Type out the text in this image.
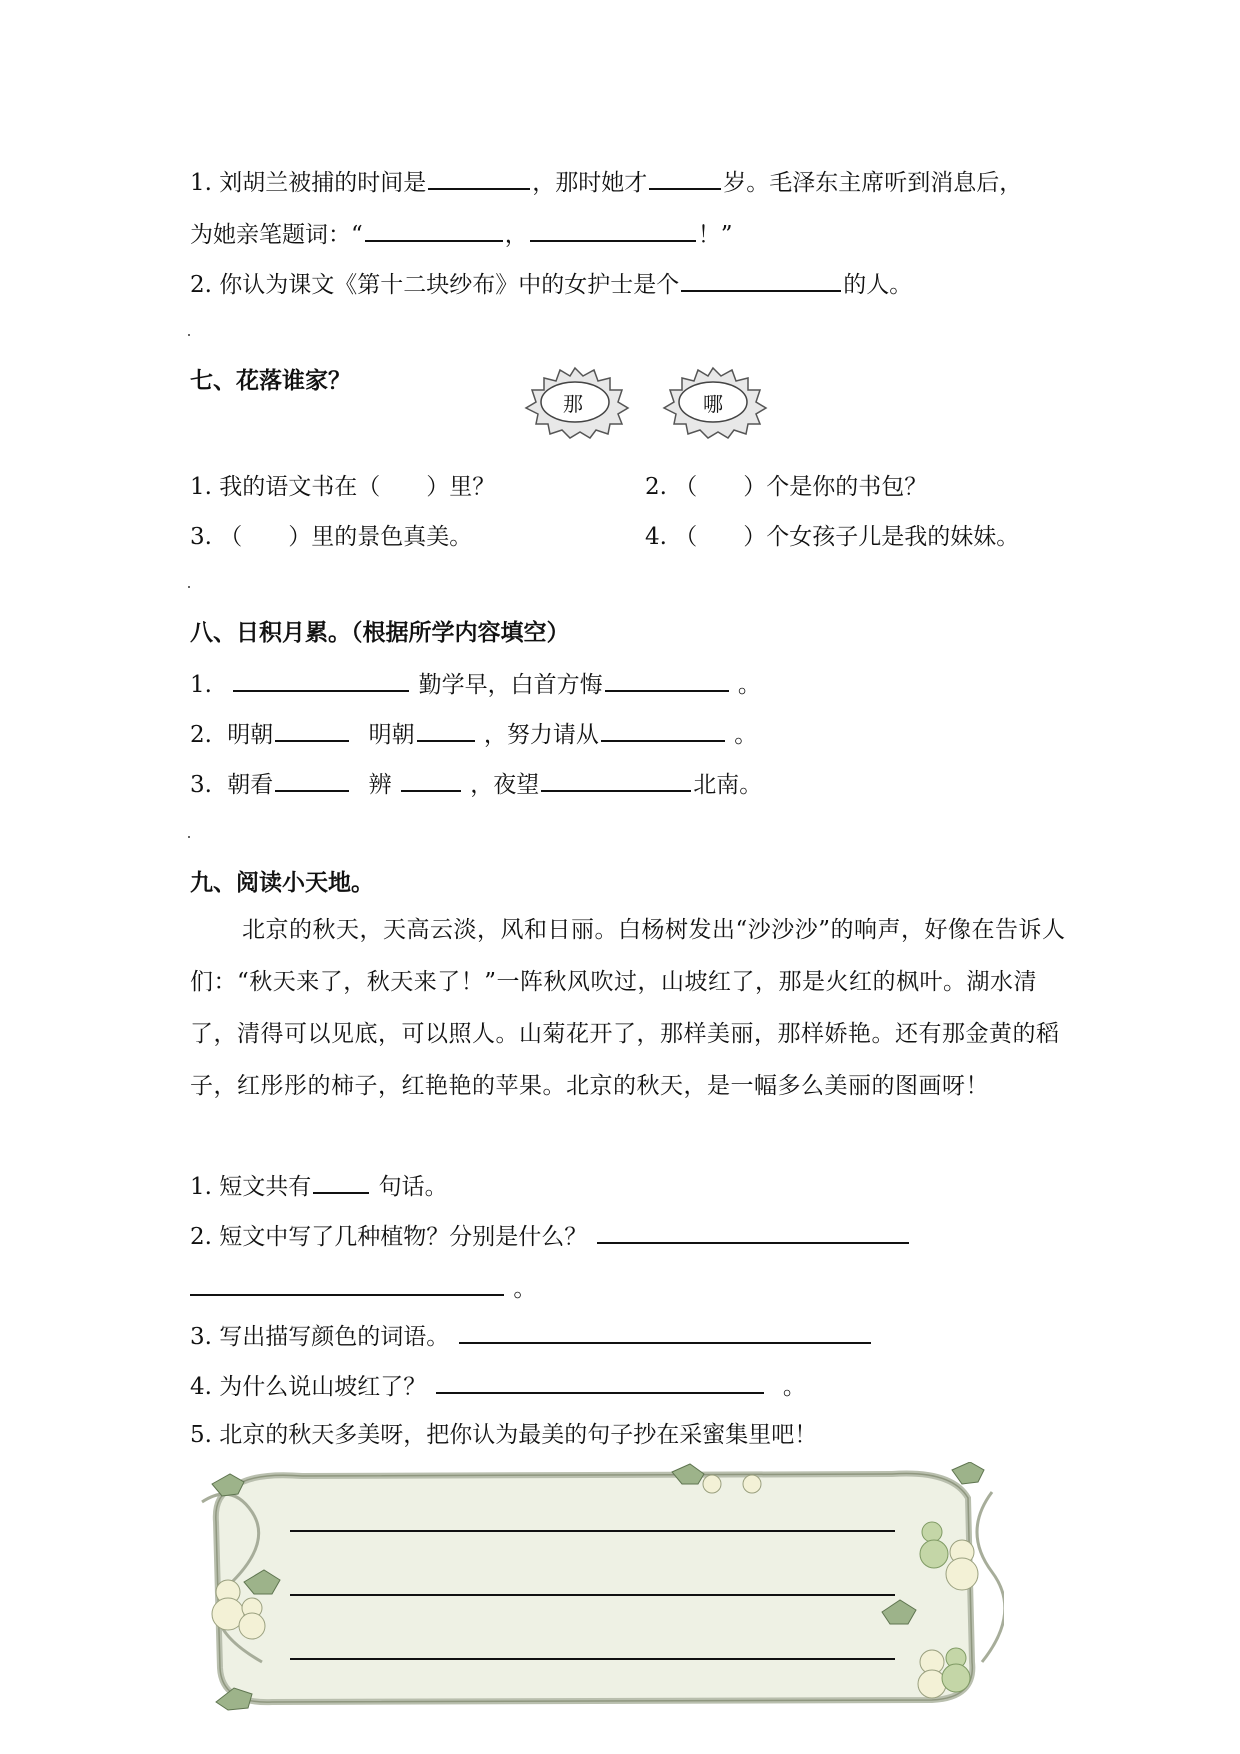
1. 刘胡兰被捕的时间是	，那时她才	岁。毛泽东主席听到消息后，
为她亲笔题词：“	，	！”
2. 你认为课文《第十二块纱布》中的女护士是个	的人。
七、花落谁家？
那	哪
1. 我的语文书在（　　）里？	2. （　　）个是你的书包？
3. （　　）里的景色真美。	4. （　　）个女孩子儿是我的妹妹。
八、日积月累。（根据所学内容填空）
1.	勤学早，白首方悔	。
2. 明朝	明朝	，努力请从	。
3. 朝看	辨	，夜望	北南。
九、阅读小天地。
北京的秋天，天高云淡，风和日丽。白杨树发出“沙沙沙”的响声，好像在告诉人们：“秋天来了，秋天来了！”一阵秋风吹过，山坡红了，那是火红的枫叶。湖水清了，清得可以见底，可以照人。山菊花开了，那样美丽，那样娇艳。还有那金黄的稻子，红彤彤的柿子，红艳艳的苹果。北京的秋天，是一幅多么美丽的图画呀！
1. 短文共有	句话。
2. 短文中写了几种植物？分别是什么？
。
3. 写出描写颜色的词语。
4. 为什么说山坡红了？	。
5. 北京的秋天多美呀，把你认为最美的句子抄在采蜜集里吧！
